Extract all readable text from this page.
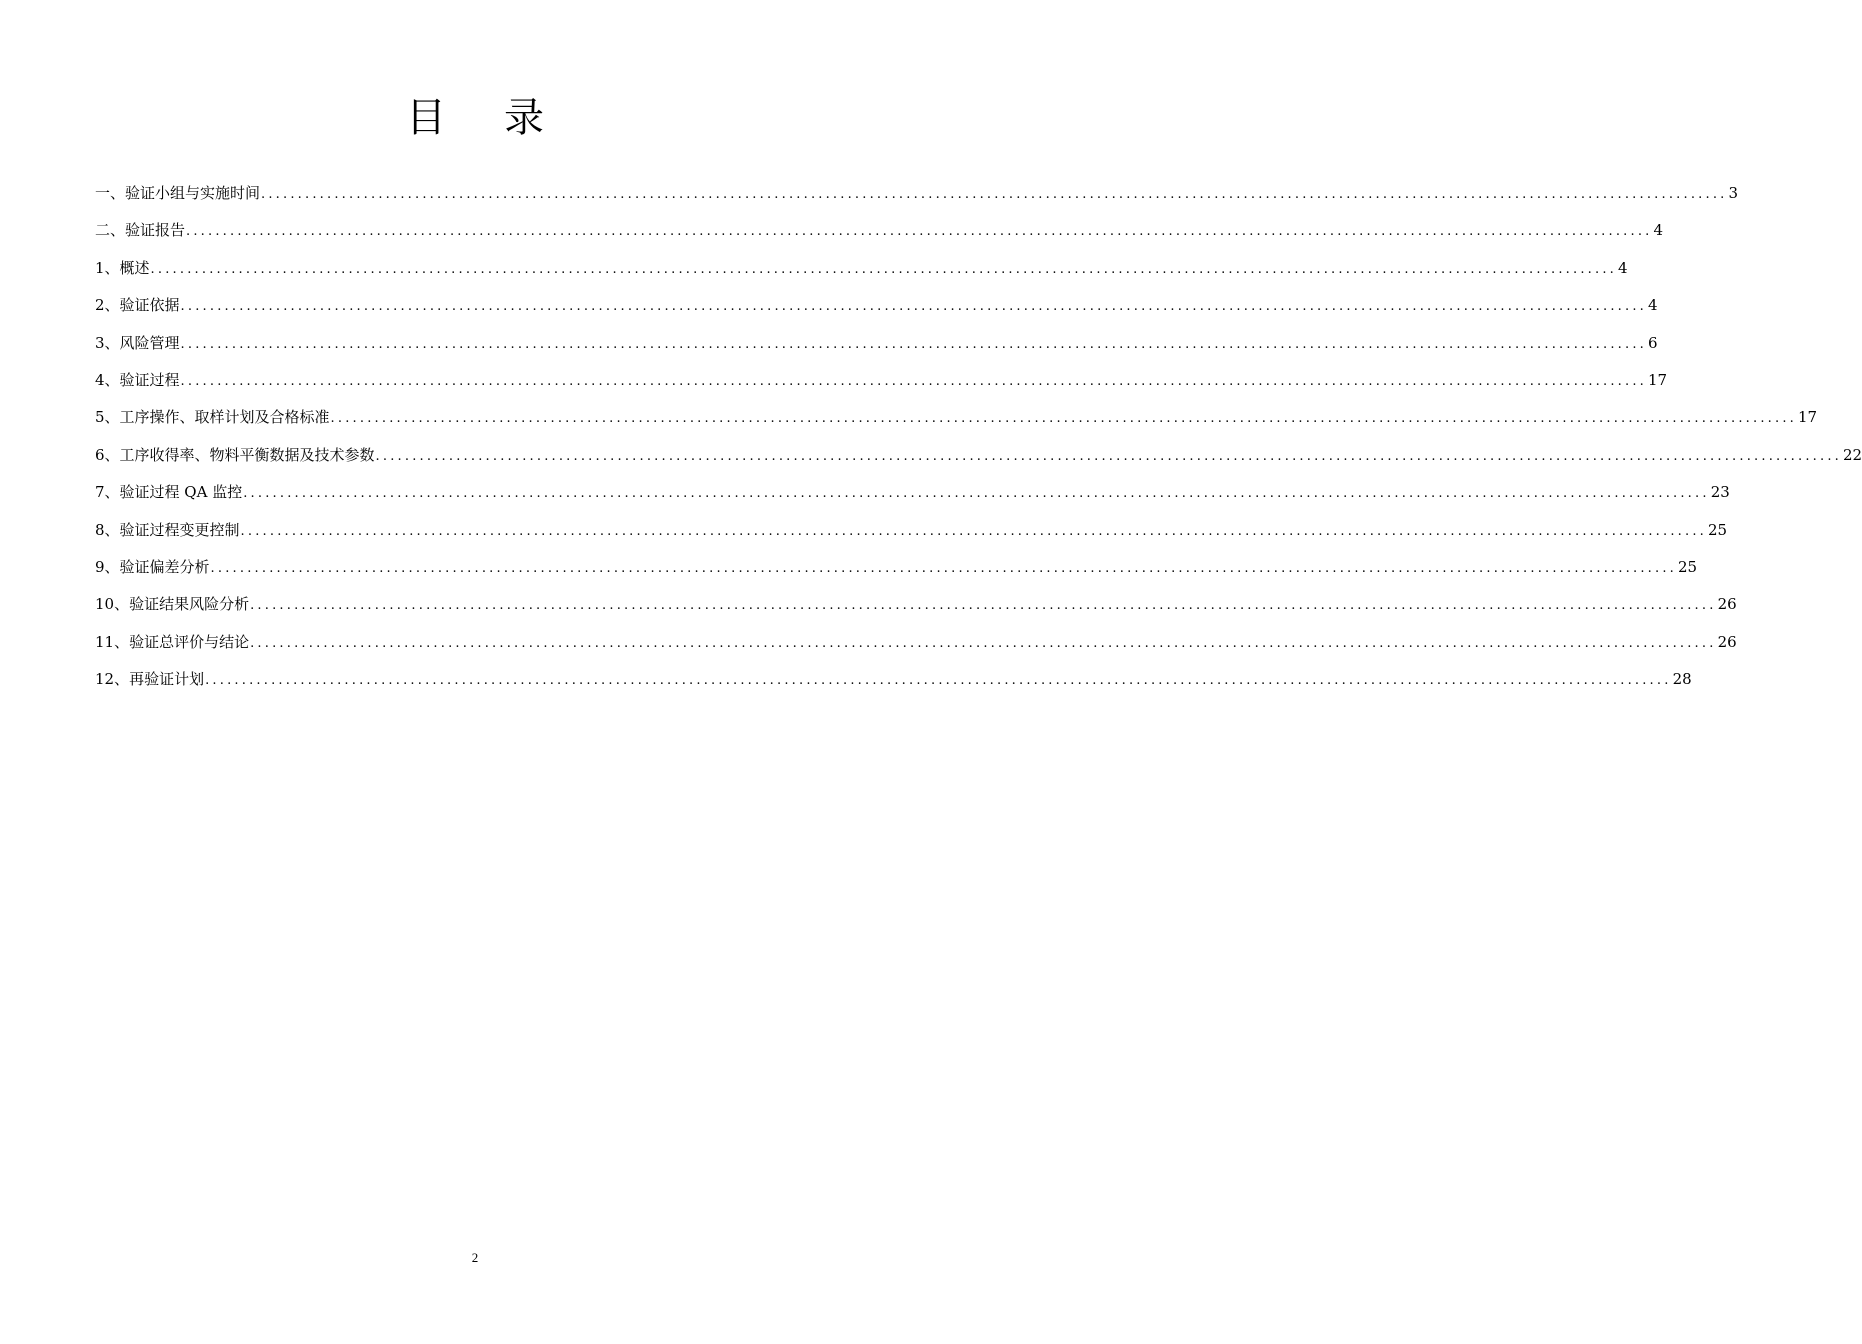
目 录
一、验证小组与实施时间 ........................................................................................................................................................................................................ 3
二、验证报告 ........................................................................................................................................................................................................ 4
1、概述 ........................................................................................................................................................................................................ 4
2、验证依据 ........................................................................................................................................................................................................ 4
3、风险管理 ........................................................................................................................................................................................................ 6
4、验证过程 ........................................................................................................................................................................................................ 17
5、工序操作、取样计划及合格标准 ........................................................................................................................................................................................................ 17
6、工序收得率、物料平衡数据及技术参数 ........................................................................................................................................................................................................ 22
7、验证过程 QA 监控 ........................................................................................................................................................................................................ 23
8、验证过程变更控制 ........................................................................................................................................................................................................ 25
9、验证偏差分析 ........................................................................................................................................................................................................ 25
10、验证结果风险分析 ........................................................................................................................................................................................................ 26
11、验证总评价与结论 ........................................................................................................................................................................................................ 26
12、再验证计划 ........................................................................................................................................................................................................ 28
2
